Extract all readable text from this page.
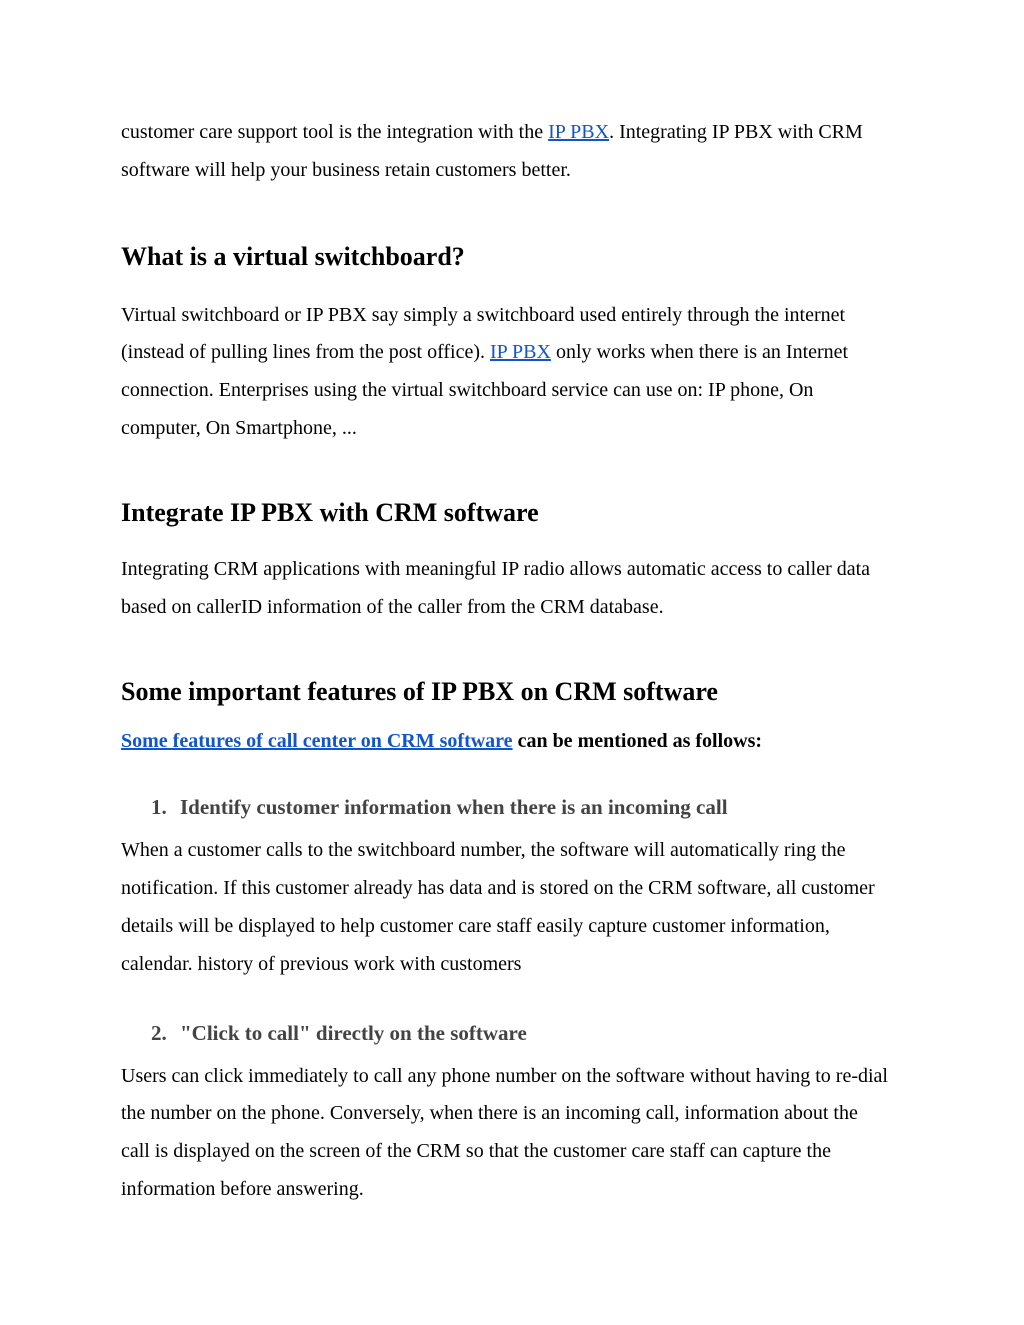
customer care support tool is the integration with the IP PBX. Integrating IP PBX with CRM software will help your business retain customers better.

What is a virtual switchboard?

Virtual switchboard or IP PBX say simply a switchboard used entirely through the internet (instead of pulling lines from the post office). IP PBX only works when there is an Internet connection. Enterprises using the virtual switchboard service can use on: IP phone, On computer, On Smartphone, ...

Integrate IP PBX with CRM software

Integrating CRM applications with meaningful IP radio allows automatic access to caller data based on callerID information of the caller from the CRM database.

Some important features of IP PBX on CRM software

Some features of call center on CRM software can be mentioned as follows:

1. Identify customer information when there is an incoming call

When a customer calls to the switchboard number, the software will automatically ring the notification. If this customer already has data and is stored on the CRM software, all customer details will be displayed to help customer care staff easily capture customer information, calendar. history of previous work with customers

2. "Click to call" directly on the software

Users can click immediately to call any phone number on the software without having to re-dial the number on the phone. Conversely, when there is an incoming call, information about the call is displayed on the screen of the CRM so that the customer care staff can capture the information before answering.
